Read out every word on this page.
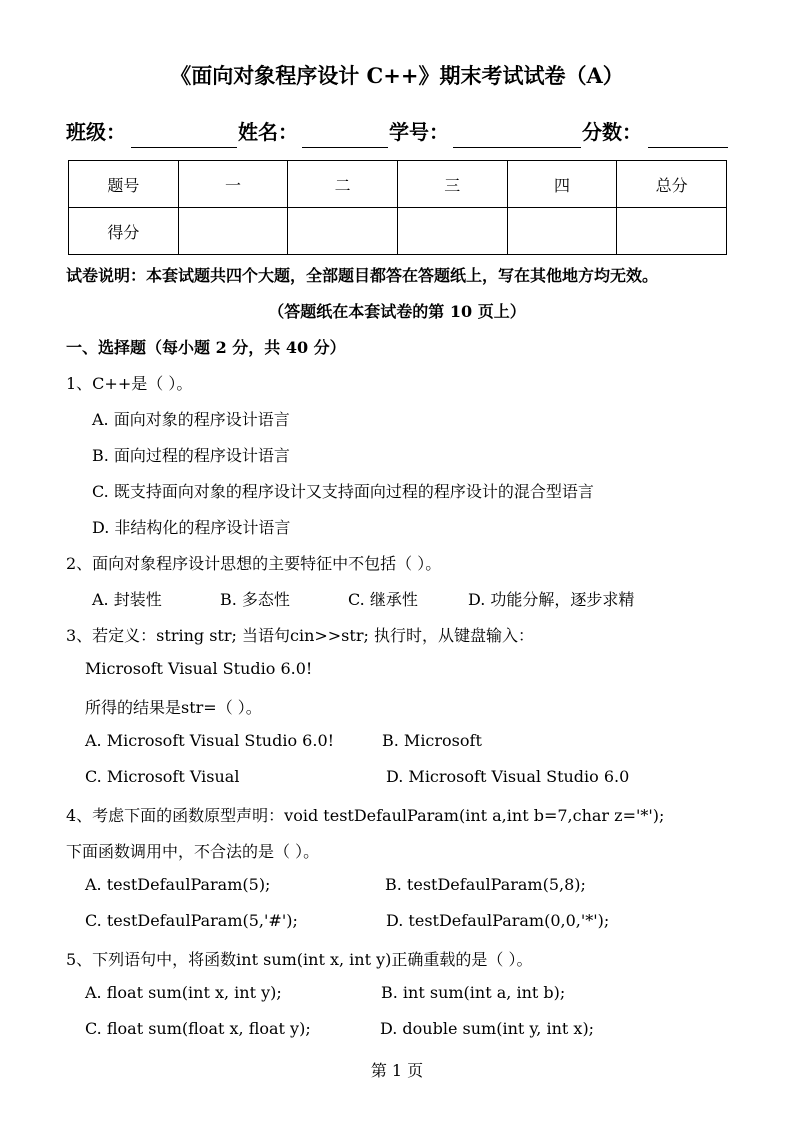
《面向对象程序设计 C++》期末考试试卷（A）
班级：	姓名：	学号：	分数：
题号	一	二	三	四	总分
得分					
试卷说明：本套试题共四个大题，全部题目都答在答题纸上，写在其他地方均无效。
（答题纸在本套试卷的第 10 页上）
一、选择题（每小题 2 分，共 40 分）
1、C++是（ ）。
A. 面向对象的程序设计语言
B. 面向过程的程序设计语言
C. 既支持面向对象的程序设计又支持面向过程的程序设计的混合型语言
D. 非结构化的程序设计语言
2、面向对象程序设计思想的主要特征中不包括（ ）。
A. 封装性	B. 多态性	C. 继承性	D. 功能分解，逐步求精
3、若定义：string str; 当语句cin>>str; 执行时，从键盘输入：
Microsoft Visual Studio 6.0!
所得的结果是str=（ ）。
A. Microsoft Visual Studio 6.0!	B. Microsoft
C. Microsoft Visual	D. Microsoft Visual Studio 6.0
4、考虑下面的函数原型声明：void testDefaulParam(int a,int b=7,char z='*');
下面函数调用中，不合法的是（ ）。
A. testDefaulParam(5);	B. testDefaulParam(5,8);
C. testDefaulParam(5,'#');	D. testDefaulParam(0,0,'*');
5、下列语句中，将函数int sum(int x, int y)正确重载的是（ ）。
A. float sum(int x, int y);	B. int sum(int a, int b);
C. float sum(float x, float y);	D. double sum(int y, int x);
第 1 页
